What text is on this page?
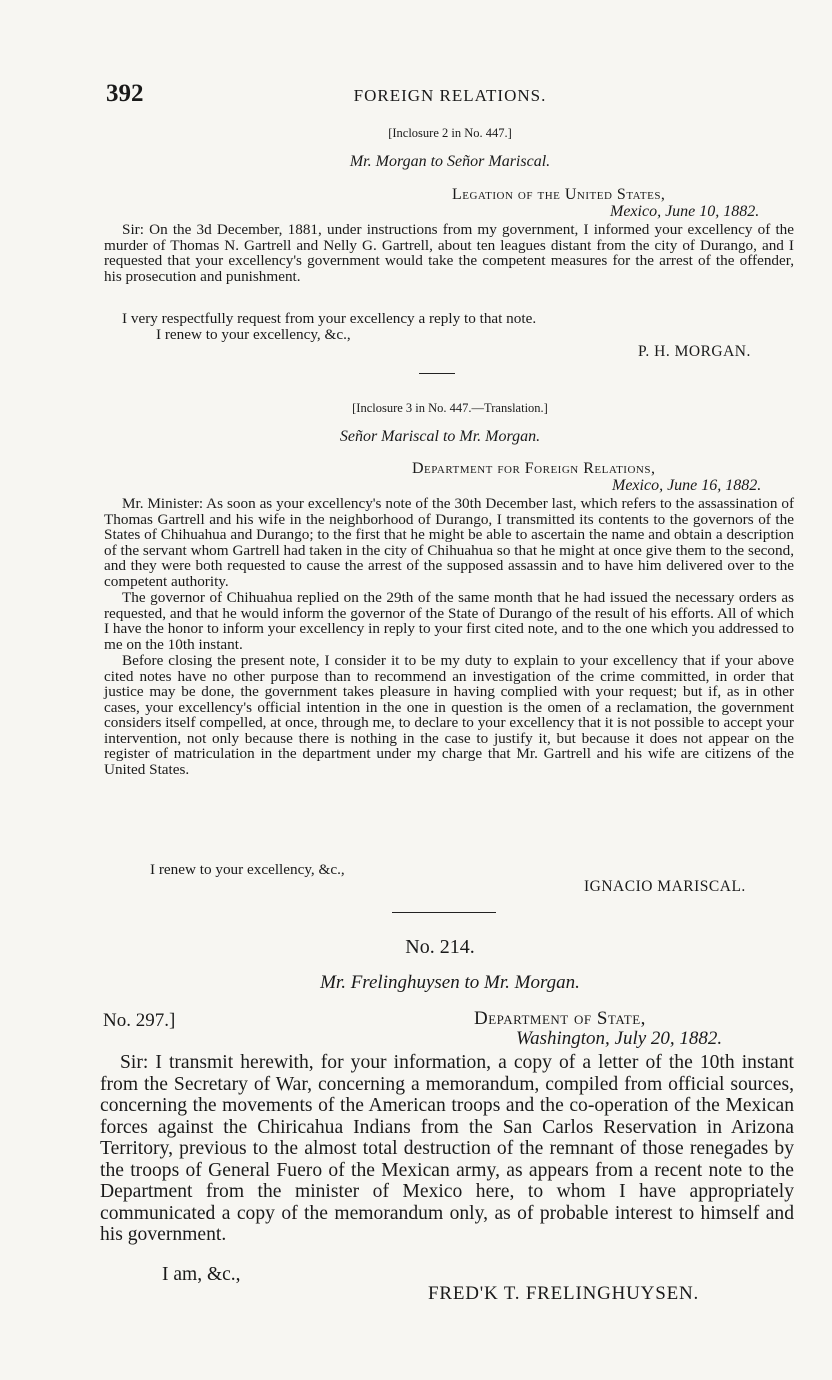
392	FOREIGN RELATIONS.
[Inclosure 2 in No. 447.]
Mr. Morgan to Señor Mariscal.
Legation of the United States,
Mexico, June 10, 1882.
Sir: On the 3d December, 1881, under instructions from my government, I informed your excellency of the murder of Thomas N. Gartrell and Nelly G. Gartrell, about ten leagues distant from the city of Durango, and I requested that your excellency's government would take the competent measures for the arrest of the offender, his prosecution and punishment.
I very respectfully request from your excellency a reply to that note.
I renew to your excellency, &c.,
P. H. MORGAN.
[Inclosure 3 in No. 447.—Translation.]
Señor Mariscal to Mr. Morgan.
Department for Foreign Relations,
Mexico, June 16, 1882.
Mr. Minister: As soon as your excellency's note of the 30th December last, which refers to the assassination of Thomas Gartrell and his wife in the neighborhood of Durango, I transmitted its contents to the governors of the States of Chihuahua and Durango; to the first that he might be able to ascertain the name and obtain a description of the servant whom Gartrell had taken in the city of Chihuahua so that he might at once give them to the second, and they were both requested to cause the arrest of the supposed assassin and to have him delivered over to the competent authority.
The governor of Chihuahua replied on the 29th of the same month that he had issued the necessary orders as requested, and that he would inform the governor of the State of Durango of the result of his efforts. All of which I have the honor to inform your excellency in reply to your first cited note, and to the one which you addressed to me on the 10th instant.
Before closing the present note, I consider it to be my duty to explain to your excellency that if your above cited notes have no other purpose than to recommend an investigation of the crime committed, in order that justice may be done, the government takes pleasure in having complied with your request; but if, as in other cases, your excellency's official intention in the one in question is the omen of a reclamation, the government considers itself compelled, at once, through me, to declare to your excellency that it is not possible to accept your intervention, not only because there is nothing in the case to justify it, but because it does not appear on the register of matriculation in the department under my charge that Mr. Gartrell and his wife are citizens of the United States.
I renew to your excellency, &c.,
IGNACIO MARISCAL.
No. 214.
Mr. Frelinghuysen to Mr. Morgan.
No. 297.]	Department of State,
Washington, July 20, 1882.
Sir: I transmit herewith, for your information, a copy of a letter of the 10th instant from the Secretary of War, concerning a memorandum, compiled from official sources, concerning the movements of the American troops and the co-operation of the Mexican forces against the Chiricahua Indians from the San Carlos Reservation in Arizona Territory, previous to the almost total destruction of the remnant of those renegades by the troops of General Fuero of the Mexican army, as appears from a recent note to the Department from the minister of Mexico here, to whom I have appropriately communicated a copy of the memorandum only, as of probable interest to himself and his government.
I am, &c.,
FRED'K T. FRELINGHUYSEN.
